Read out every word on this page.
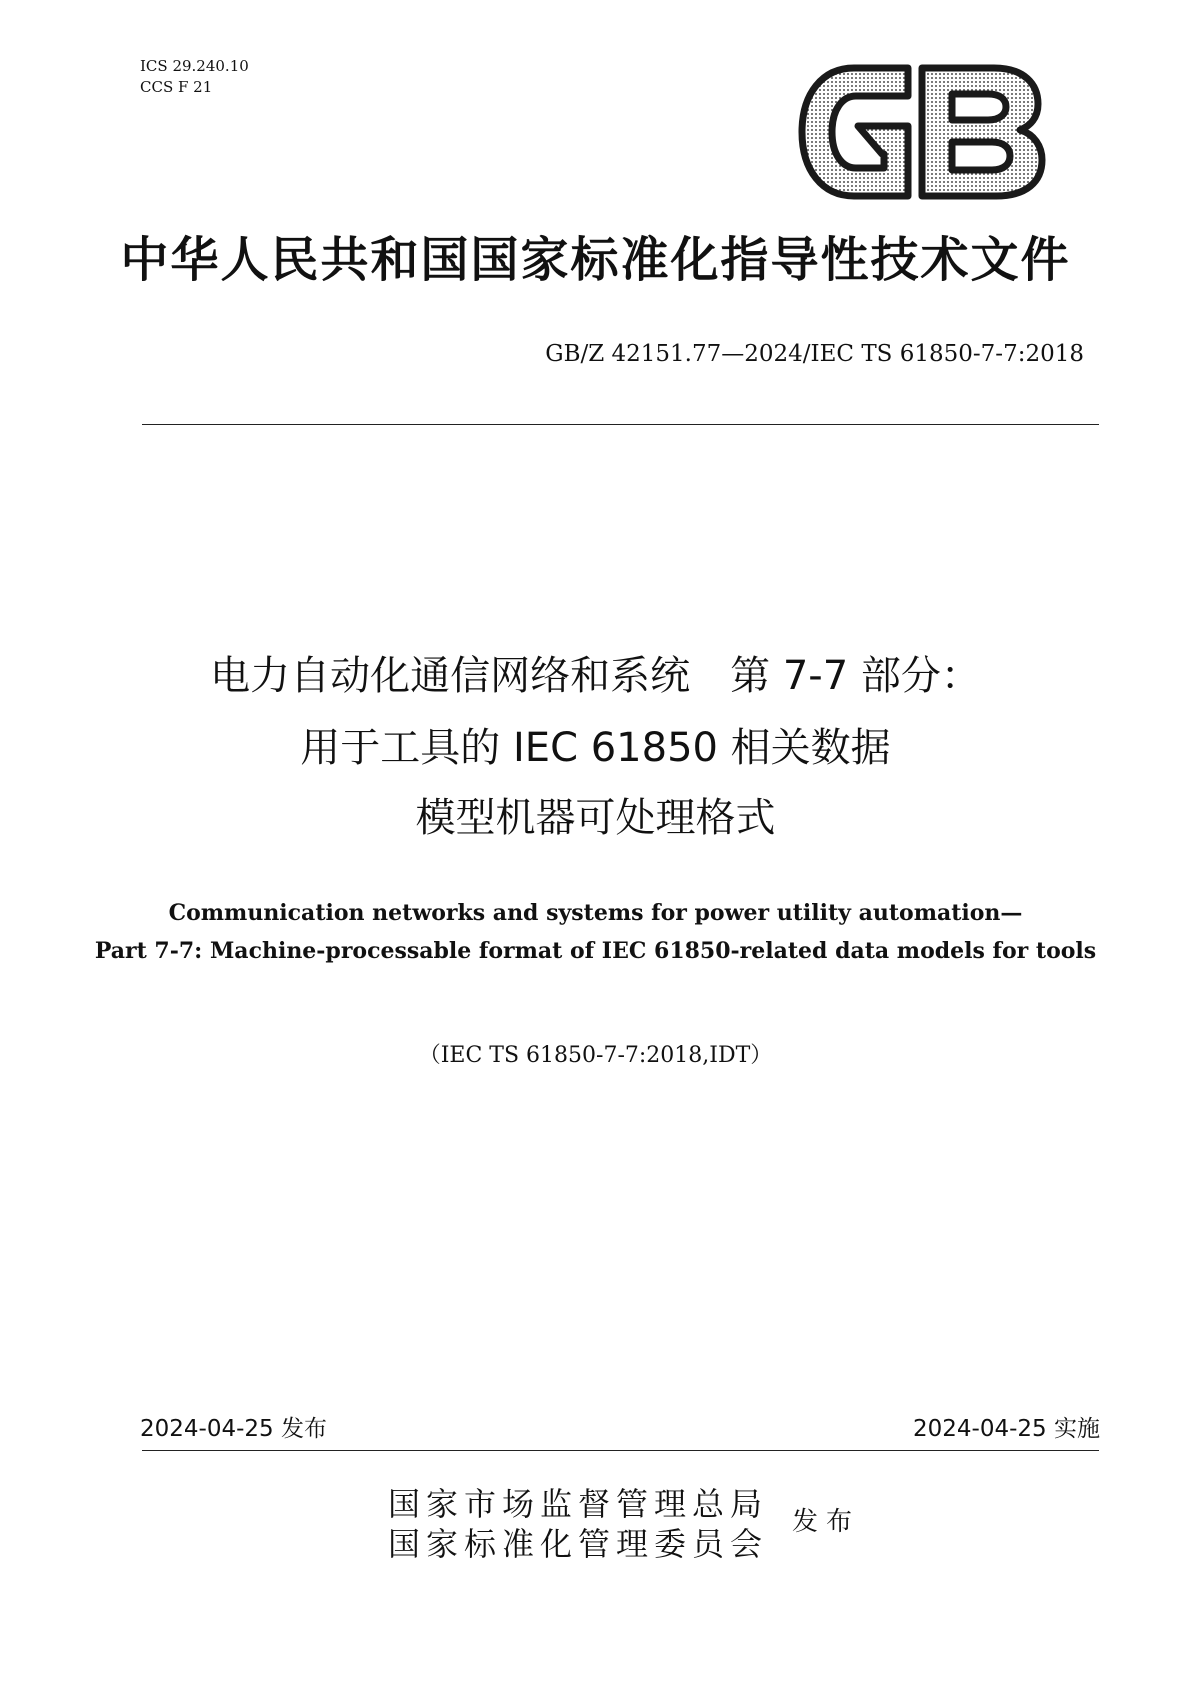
ICS 29.240.10
CCS F 21
中华人民共和国国家标准化指导性技术文件
GB/Z 42151.77—2024/IEC TS 61850-7-7:2018
电力自动化通信网络和系统　第 7-7 部分：
用于工具的 IEC 61850 相关数据
模型机器可处理格式
Communication networks and systems for power utility automation—
Part 7-7: Machine-processable format of IEC 61850-related data models for tools
（IEC TS 61850-7-7:2018,IDT）
2024-04-25 发布	2024-04-25 实施
国家市场监督管理总局
国家标准化管理委员会
发布
